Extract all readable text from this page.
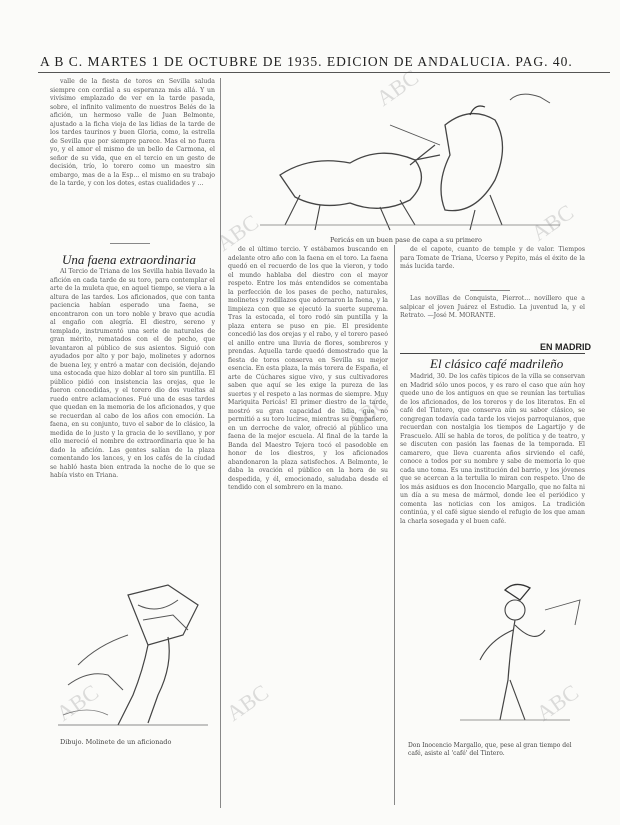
A B C. MARTES 1 DE OCTUBRE DE 1935. EDICION DE ANDALUCIA. PAG. 40.
ABC
ABC	ABC
ABC
ABC	ABC	ABC

valle de la fiesta de toros en Sevilla saluda siempre con cordial a su esperanza más allá. Y un vivísimo emplazado de ver en la tarde pasada, sobre, el infinito valimento de nuestros Belés de la afición, un hermoso valle de Juan Belmonte, ajustado a la ficha vieja de las lidias de la tarde de los tardes taurinos y buen Gloria, como, la estrella de Sevilla que por siempre parece. Mas el no fuera yo, y el amor el mismo de un bello de Carmona, el señor de su vida, que en el tercio en un gesto de decisión, trío, lo torero como un maestro sin embargo, mas de a la Esp... el mismo en su trabajo de la tarde, y con los dotes, estas cualidades y ...

Una faena extraordinaria

Al Tercio de Triana de los Sevilla había llevado la afición en cada tarde de su toro, para contemplar el arte de la muleta que, en aquel tiempo, se viera a la altura de las tardes. Los aficionados, que con tanta paciencia habían esperado una faena, se encontraron con un toro noble y bravo que acudía al engaño con alegría. El diestro, sereno y templado, instrumentó una serie de naturales de gran mérito, rematados con el de pecho, que levantaron al público de sus asientos. Siguió con ayudados por alto y por bajo, molinetes y adornos de buena ley, y entró a matar con decisión, dejando una estocada que hizo doblar al toro sin puntilla. El público pidió con insistencia las orejas, que le fueron concedidas, y el torero dio dos vueltas al ruedo entre aclamaciones. Fué una de esas tardes que quedan en la memoria de los aficionados, y que se recuerdan al cabo de los años con emoción. La faena, en su conjunto, tuvo el sabor de lo clásico, la medida de lo justo y la gracia de lo sevillano, y por ello mereció el nombre de extraordinaria que le ha dado la afición. Las gentes salían de la plaza comentando los lances, y en los cafés de la ciudad se habló hasta bien entrada la noche de lo que se había visto en Triana.

Dibujo. Molinete de un aficionado
Pericás en un buen pase de capa a su primero

de el último tercio. Y estábamos buscando en adelante otro año con la faena en el toro. La faena quedó en el recuerdo de los que la vieron, y todo el mundo hablaba del diestro con el mayor respeto. Entre los más entendidos se comentaba la perfección de los pases de pecho, naturales, molinetes y rodillazos que adornaron la faena, y la limpieza con que se ejecutó la suerte suprema. Tras la estocada, el toro rodó sin puntilla y la plaza entera se puso en pie. El presidente concedió las dos orejas y el rabo, y el torero paseó el anillo entre una lluvia de flores, sombreros y prendas. Aquella tarde quedó demostrado que la fiesta de toros conserva en Sevilla su mejor esencia. En esta plaza, la más torera de España, el arte de Cúchares sigue vivo, y sus cultivadores saben que aquí se les exige la pureza de las suertes y el respeto a las normas de siempre. Muy Mariquita Pericás! El primer diestro de la tarde, mostró su gran capacidad de lidia, que no permitió a su toro lucirse, mientras su compañero, en un derroche de valor, ofreció al público una faena de la mejor escuela. Al final de la tarde la Banda del Maestro Tejera tocó el pasodoble en honor de los diestros, y los aficionados abandonaron la plaza satisfechos. A Belmonte, le daba la ovación el público en la hora de su despedida, y él, emocionado, saludaba desde el tendido con el sombrero en la mano.

de el capote, cuanto de temple y de valor. Tiempos para Tomate de Triana, Ucerso y Pepito, más el éxito de la más lucida tarde.

Las novillas de Conquista, Pierrot... novillero que a salpicar el joven Juárez el Estudio. La juventud la, y el Retrato. —José M. MORANTE.

EN MADRID
El clásico café madrileño

Madrid, 30. De los cafés típicos de la villa se conservan en Madrid sólo unos pocos, y es raro el caso que aún hoy quede uno de los antiguos en que se reunían las tertulias de los aficionados, de los toreros y de los literatos. En el café del Tintero, que conserva aún su sabor clásico, se congregan todavía cada tarde los viejos parroquianos, que recuerdan con nostalgia los tiempos de Lagartijo y de Frascuelo. Allí se habla de toros, de política y de teatro, y se discuten con pasión las faenas de la temporada. El camarero, que lleva cuarenta años sirviendo el café, conoce a todos por su nombre y sabe de memoria lo que cada uno toma. Es una institución del barrio, y los jóvenes que se acercan a la tertulia lo miran con respeto. Uno de los más asiduos es don Inocencio Margallo, que no falta ni un día a su mesa de mármol, donde lee el periódico y comenta las noticias con los amigos. La tradición continúa, y el café sigue siendo el refugio de los que aman la charla sosegada y el buen café.

Don Inocencio Margallo, que, pese al gran tiempo del café, asiste al 'café' del Tintero.
